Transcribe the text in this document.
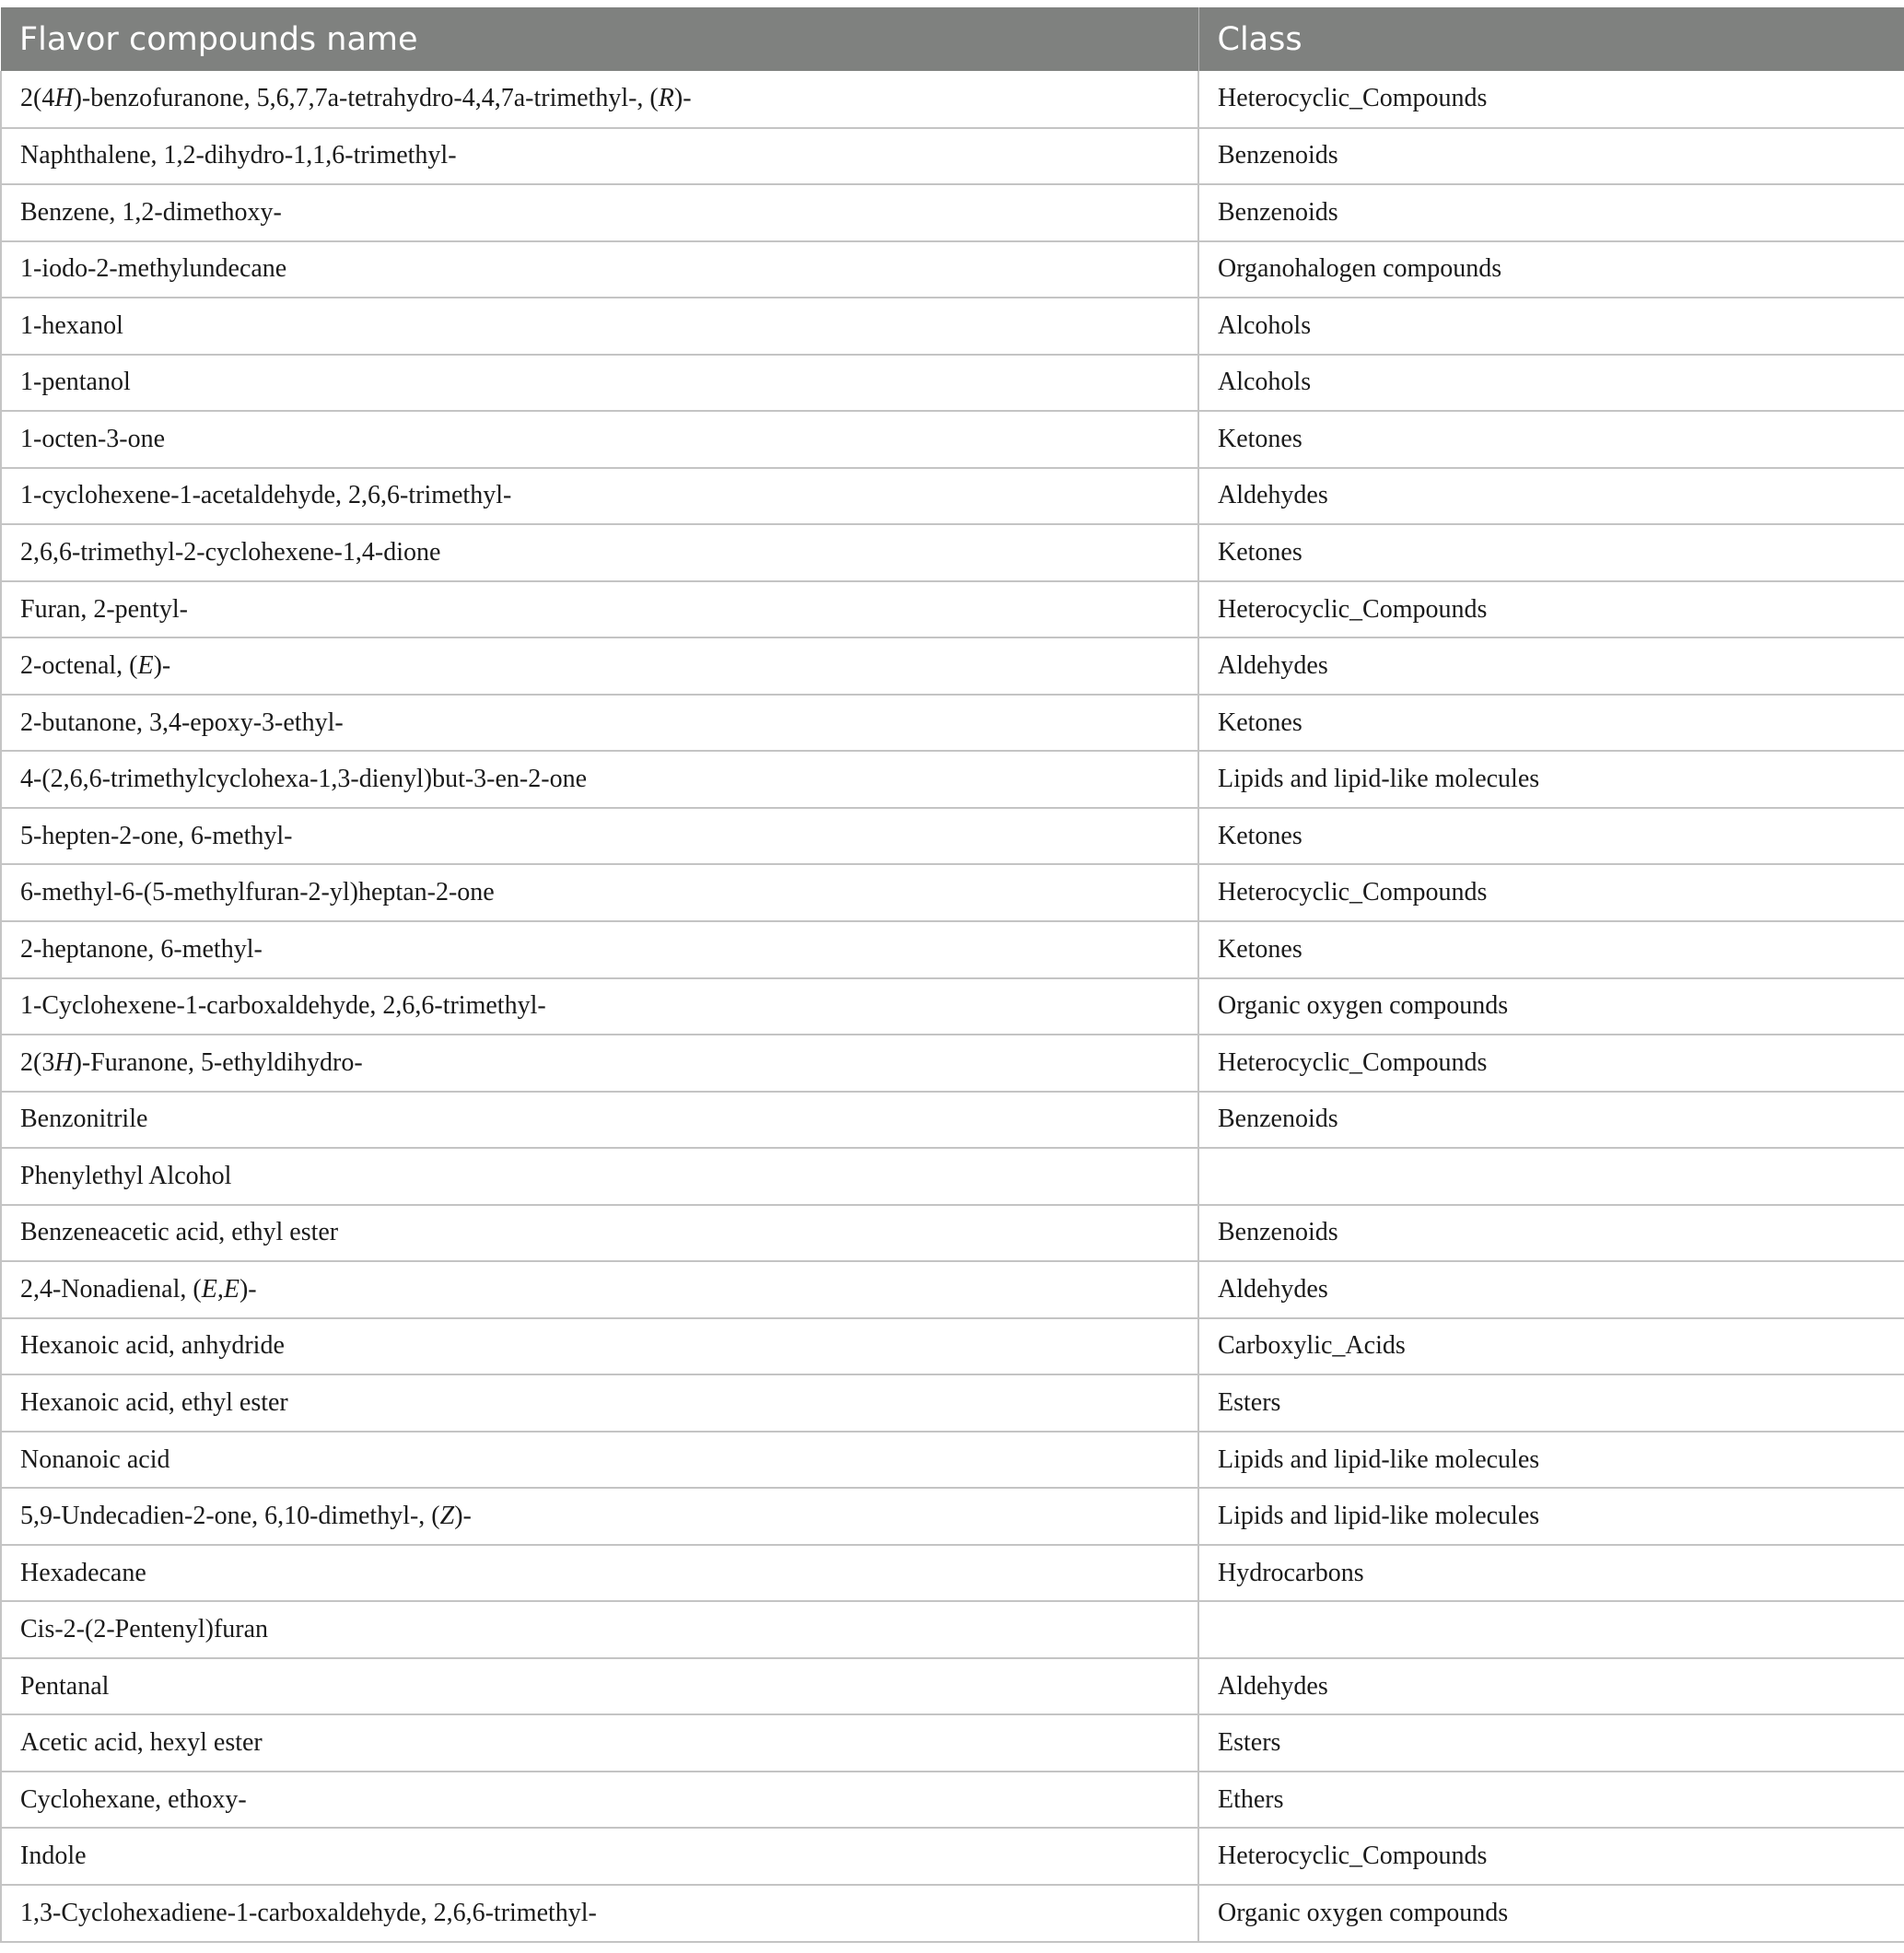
Flavor compounds name	Class
2(4H)-benzofuranone, 5,6,7,7a-tetrahydro-4,4,7a-trimethyl-, (R)-	Heterocyclic_Compounds
Naphthalene, 1,2-dihydro-1,1,6-trimethyl-	Benzenoids
Benzene, 1,2-dimethoxy-	Benzenoids
1-iodo-2-methylundecane	Organohalogen compounds
1-hexanol	Alcohols
1-pentanol	Alcohols
1-octen-3-one	Ketones
1-cyclohexene-1-acetaldehyde, 2,6,6-trimethyl-	Aldehydes
2,6,6-trimethyl-2-cyclohexene-1,4-dione	Ketones
Furan, 2-pentyl-	Heterocyclic_Compounds
2-octenal, (E)-	Aldehydes
2-butanone, 3,4-epoxy-3-ethyl-	Ketones
4-(2,6,6-trimethylcyclohexa-1,3-dienyl)but-3-en-2-one	Lipids and lipid-like molecules
5-hepten-2-one, 6-methyl-	Ketones
6-methyl-6-(5-methylfuran-2-yl)heptan-2-one	Heterocyclic_Compounds
2-heptanone, 6-methyl-	Ketones
1-Cyclohexene-1-carboxaldehyde, 2,6,6-trimethyl-	Organic oxygen compounds
2(3H)-Furanone, 5-ethyldihydro-	Heterocyclic_Compounds
Benzonitrile	Benzenoids
Phenylethyl Alcohol	
Benzeneacetic acid, ethyl ester	Benzenoids
2,4-Nonadienal, (E,E)-	Aldehydes
Hexanoic acid, anhydride	Carboxylic_Acids
Hexanoic acid, ethyl ester	Esters
Nonanoic acid	Lipids and lipid-like molecules
5,9-Undecadien-2-one, 6,10-dimethyl-, (Z)-	Lipids and lipid-like molecules
Hexadecane	Hydrocarbons
Cis-2-(2-Pentenyl)furan	
Pentanal	Aldehydes
Acetic acid, hexyl ester	Esters
Cyclohexane, ethoxy-	Ethers
Indole	Heterocyclic_Compounds
1,3-Cyclohexadiene-1-carboxaldehyde, 2,6,6-trimethyl-	Organic oxygen compounds
